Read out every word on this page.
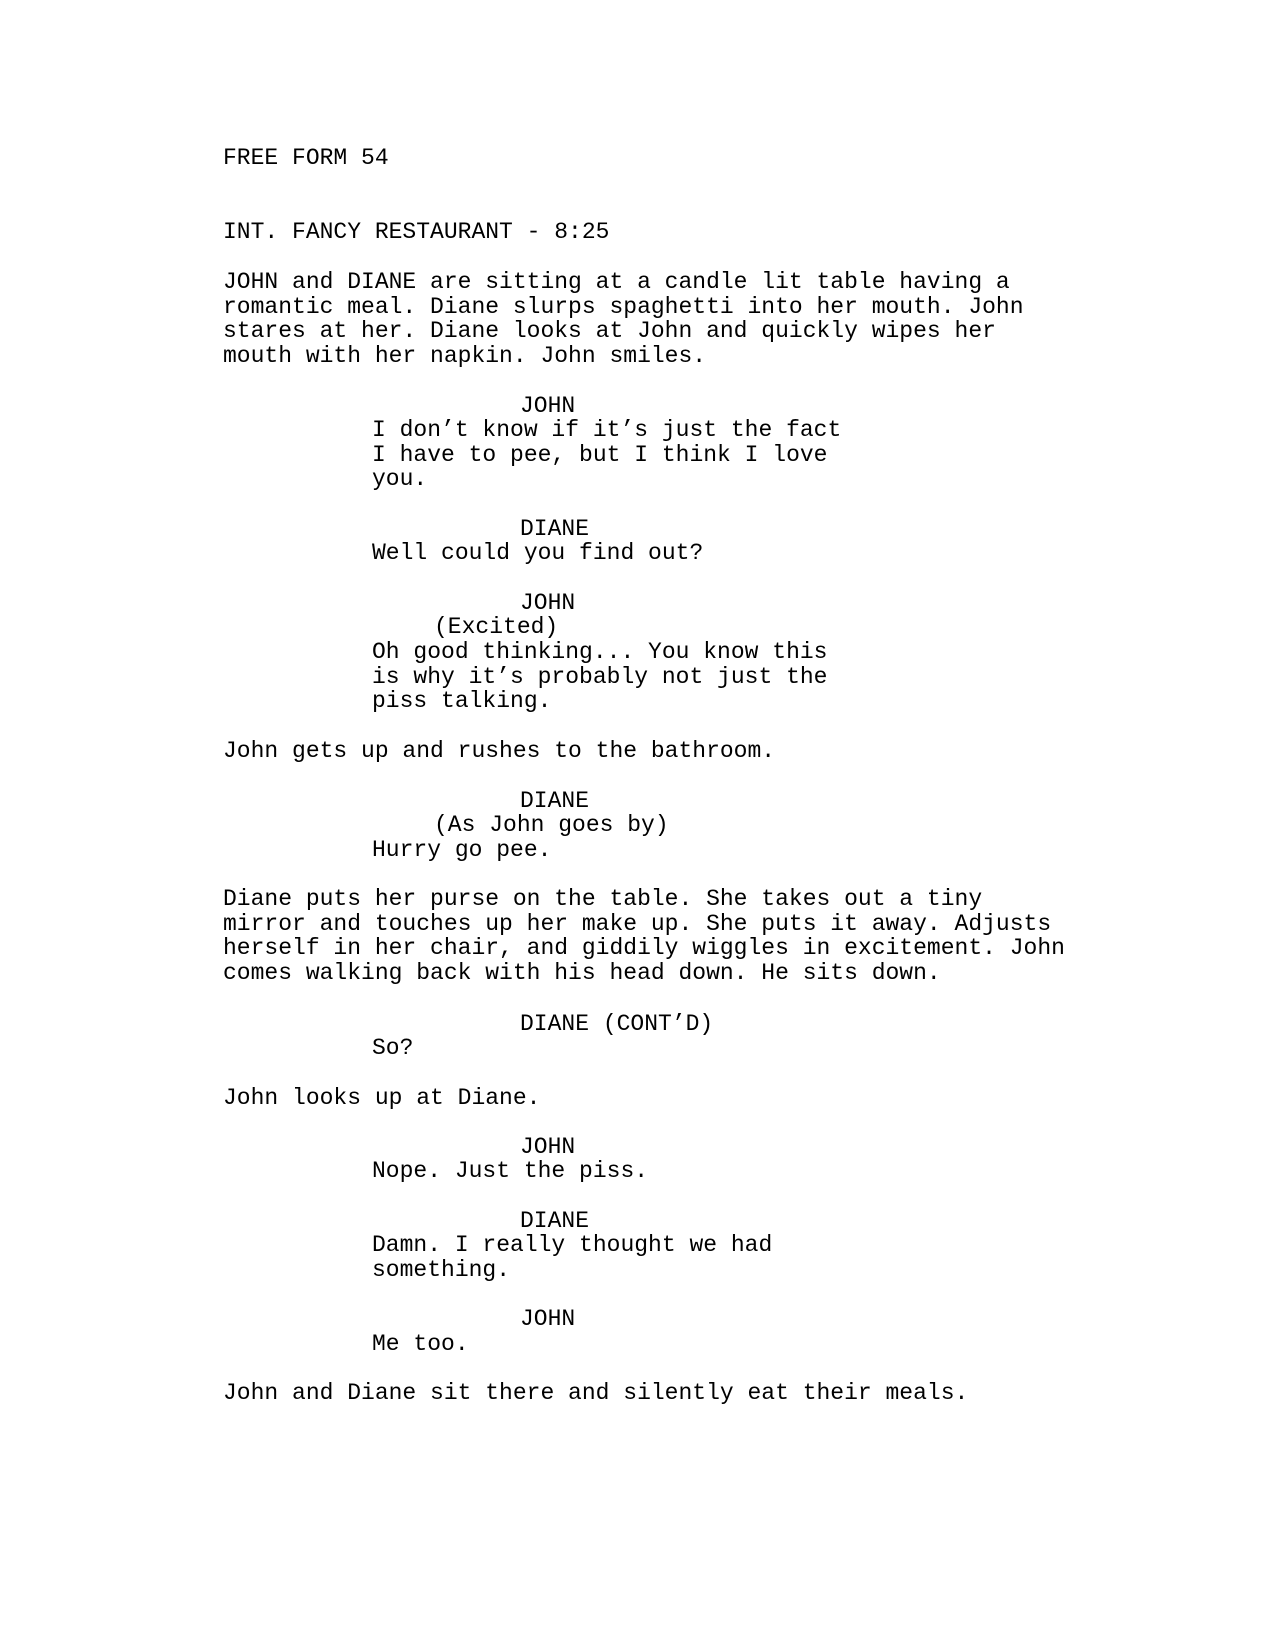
FREE FORM 54
INT. FANCY RESTAURANT - 8:25
JOHN and DIANE are sitting at a candle lit table having a
romantic meal. Diane slurps spaghetti into her mouth. John
stares at her. Diane looks at John and quickly wipes her
mouth with her napkin. John smiles.
JOHN
I don’t know if it’s just the fact
I have to pee, but I think I love
you.
DIANE
Well could you find out?
JOHN
(Excited)
Oh good thinking... You know this
is why it’s probably not just the
piss talking.
John gets up and rushes to the bathroom.
DIANE
(As John goes by)
Hurry go pee.
Diane puts her purse on the table. She takes out a tiny
mirror and touches up her make up. She puts it away. Adjusts
herself in her chair, and giddily wiggles in excitement. John
comes walking back with his head down. He sits down.
DIANE (CONT’D)
So?
John looks up at Diane.
JOHN
Nope. Just the piss.
DIANE
Damn. I really thought we had
something.
JOHN
Me too.
John and Diane sit there and silently eat their meals.
